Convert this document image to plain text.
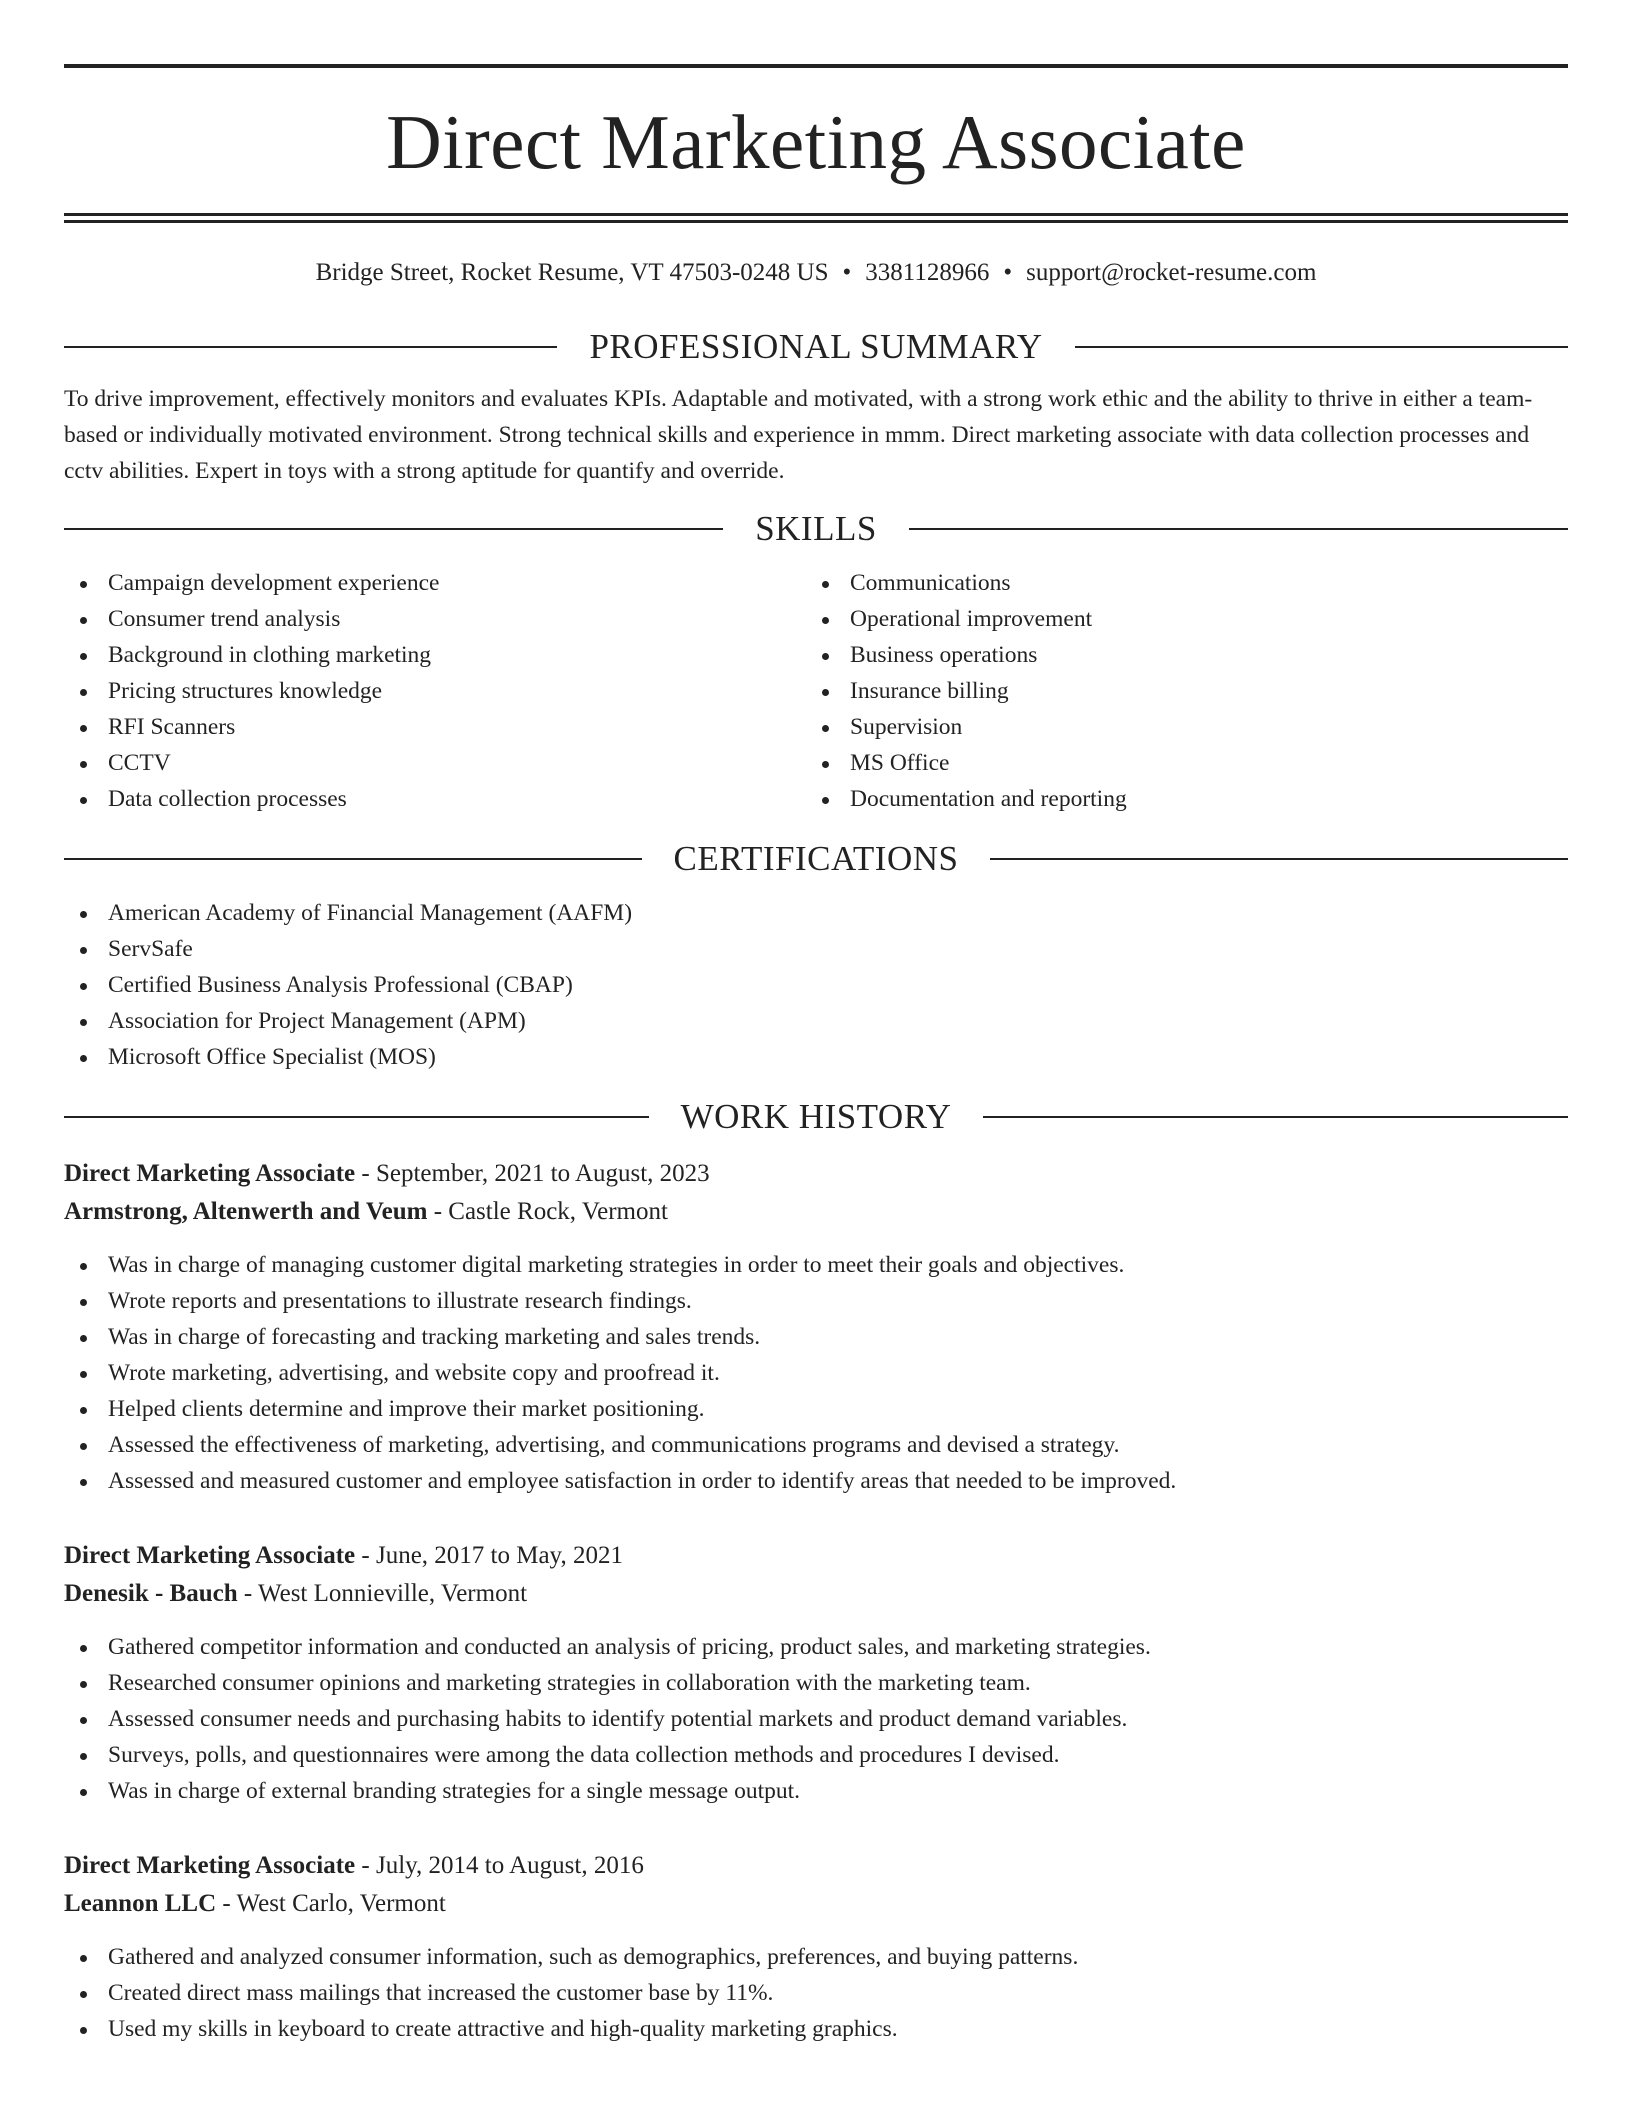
Direct Marketing Associate
Bridge Street, Rocket Resume, VT 47503-0248 US • 3381128966 • support@rocket-resume.com
PROFESSIONAL SUMMARY

To drive improvement, effectively monitors and evaluates KPIs. Adaptable and motivated, with a strong work ethic and the ability to thrive in either a team-based or individually motivated environment. Strong technical skills and experience in mmm. Direct marketing associate with data collection processes and cctv abilities. Expert in toys with a strong aptitude for quantify and override.

SKILLS
Campaign development experience
Consumer trend analysis
Background in clothing marketing
Pricing structures knowledge
RFI Scanners
CCTV
Data collection processes
Communications
Operational improvement
Business operations
Insurance billing
Supervision
MS Office
Documentation and reporting
CERTIFICATIONS
American Academy of Financial Management (AAFM)
ServSafe
Certified Business Analysis Professional (CBAP)
Association for Project Management (APM)
Microsoft Office Specialist (MOS)
WORK HISTORY
Direct Marketing Associate - September, 2021 to August, 2023
Armstrong, Altenwerth and Veum - Castle Rock, Vermont
Was in charge of managing customer digital marketing strategies in order to meet their goals and objectives.
Wrote reports and presentations to illustrate research findings.
Was in charge of forecasting and tracking marketing and sales trends.
Wrote marketing, advertising, and website copy and proofread it.
Helped clients determine and improve their market positioning.
Assessed the effectiveness of marketing, advertising, and communications programs and devised a strategy.
Assessed and measured customer and employee satisfaction in order to identify areas that needed to be improved.
Direct Marketing Associate - June, 2017 to May, 2021
Denesik - Bauch - West Lonnieville, Vermont
Gathered competitor information and conducted an analysis of pricing, product sales, and marketing strategies.
Researched consumer opinions and marketing strategies in collaboration with the marketing team.
Assessed consumer needs and purchasing habits to identify potential markets and product demand variables.
Surveys, polls, and questionnaires were among the data collection methods and procedures I devised.
Was in charge of external branding strategies for a single message output.
Direct Marketing Associate - July, 2014 to August, 2016
Leannon LLC - West Carlo, Vermont
Gathered and analyzed consumer information, such as demographics, preferences, and buying patterns.
Created direct mass mailings that increased the customer base by 11%.
Used my skills in keyboard to create attractive and high-quality marketing graphics.
